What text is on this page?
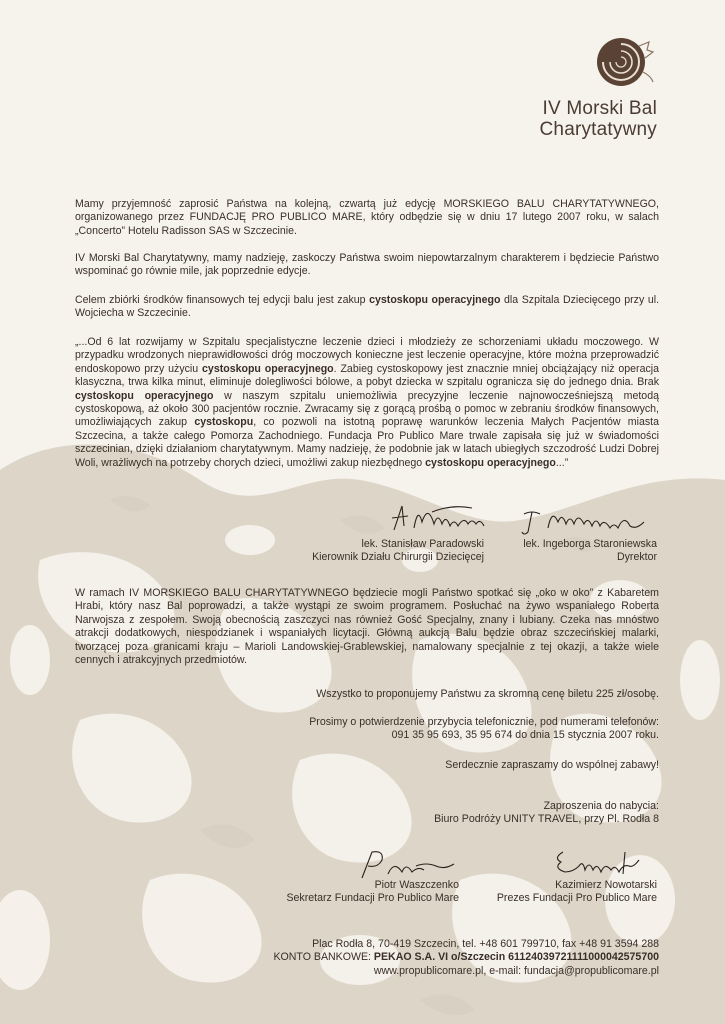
IV Morski Bal
Charytatywny

Mamy przyjemność zaprosić Państwa na kolejną, czwartą już edycję MORSKIEGO BALU CHARYTATYWNEGO, organizowanego przez FUNDACJĘ PRO PUBLICO MARE, który odbędzie się w dniu 17 lutego 2007 roku, w salach „Concerto” Hotelu Radisson SAS w Szczecinie.

IV Morski Bal Charytatywny, mamy nadzieję, zaskoczy Państwa swoim niepowtarzalnym charakterem i będziecie Państwo wspominać go równie mile, jak poprzednie edycje.

Celem zbiórki środków finansowych tej edycji balu jest zakup cystoskopu operacyjnego dla Szpitala Dziecięcego przy ul. Wojciecha w Szczecinie.

„...Od 6 lat rozwijamy w Szpitalu specjalistyczne leczenie dzieci i młodzieży ze schorzeniami układu moczowego. W przypadku wrodzonych nieprawidłowości dróg moczowych konieczne jest leczenie operacyjne, które można przeprowadzić endoskopowo przy użyciu cystoskopu operacyjnego. Zabieg cystoskopowy jest znacznie mniej obciążający niż operacja klasyczna, trwa kilka minut, eliminuje dolegliwości bólowe, a pobyt dziecka w szpitalu ogranicza się do jednego dnia. Brak cystoskopu operacyjnego w naszym szpitalu uniemożliwia precyzyjne leczenie najnowocześniejszą metodą cystoskopową, aż około 300 pacjentów rocznie. Zwracamy się z gorącą prośbą o pomoc w zebraniu środków finansowych, umożliwiających zakup cystoskopu, co pozwoli na istotną poprawę warunków leczenia Małych Pacjentów miasta Szczecina, a także całego Pomorza Zachodniego. Fundacja Pro Publico Mare trwale zapisała się już w świadomości szczecinian, dzięki działaniom charytatywnym. Mamy nadzieję, że podobnie jak w latach ubiegłych szczodrość Ludzi Dobrej Woli, wrażliwych na potrzeby chorych dzieci, umożliwi zakup niezbędnego cystoskopu operacyjnego...”

lek. Stanisław Paradowski
Kierownik Działu Chirurgii Dziecięcej
lek. Ingeborga Staroniewska
Dyrektor

W ramach IV MORSKIEGO BALU CHARYTATYWNEGO będziecie mogli Państwo spotkać się „oko w oko” z Kabaretem Hrabi, który nasz Bal poprowadzi, a także wystąpi ze swoim programem. Posłuchać na żywo wspaniałego Roberta Narwojsza z zespołem. Swoją obecnością zaszczyci nas również Gość Specjalny, znany i lubiany. Czeka nas mnóstwo atrakcji dodatkowych, niespodzianek i wspaniałych licytacji. Główną aukcją Balu będzie obraz szczecińskiej malarki, tworzącej poza granicami kraju – Marioli Landowskiej-Grablewskiej, namalowany specjalnie z tej okazji, a także wiele cennych i atrakcyjnych przedmiotów.

Wszystko to proponujemy Państwu za skromną cenę biletu 225 zł/osobę.
Prosimy o potwierdzenie przybycia telefonicznie, pod numerami telefonów:
091 35 95 693, 35 95 674 do dnia 15 stycznia 2007 roku.
Serdecznie zapraszamy do wspólnej zabawy!
Zaproszenia do nabycia:
Biuro Podróży UNITY TRAVEL, przy Pl. Rodła 8
Piotr Waszczenko
Sekretarz Fundacji Pro Publico Mare
Kazimierz Nowotarski
Prezes Fundacji Pro Publico Mare
Plac Rodła 8, 70-419 Szczecin, tel. +48 601 799710, fax +48 91 3594 288
KONTO BANKOWE: PEKAO S.A. VI o/Szczecin 61124039721111000042575700
www.propublicomare.pl, e-mail: fundacja@propublicomare.pl
